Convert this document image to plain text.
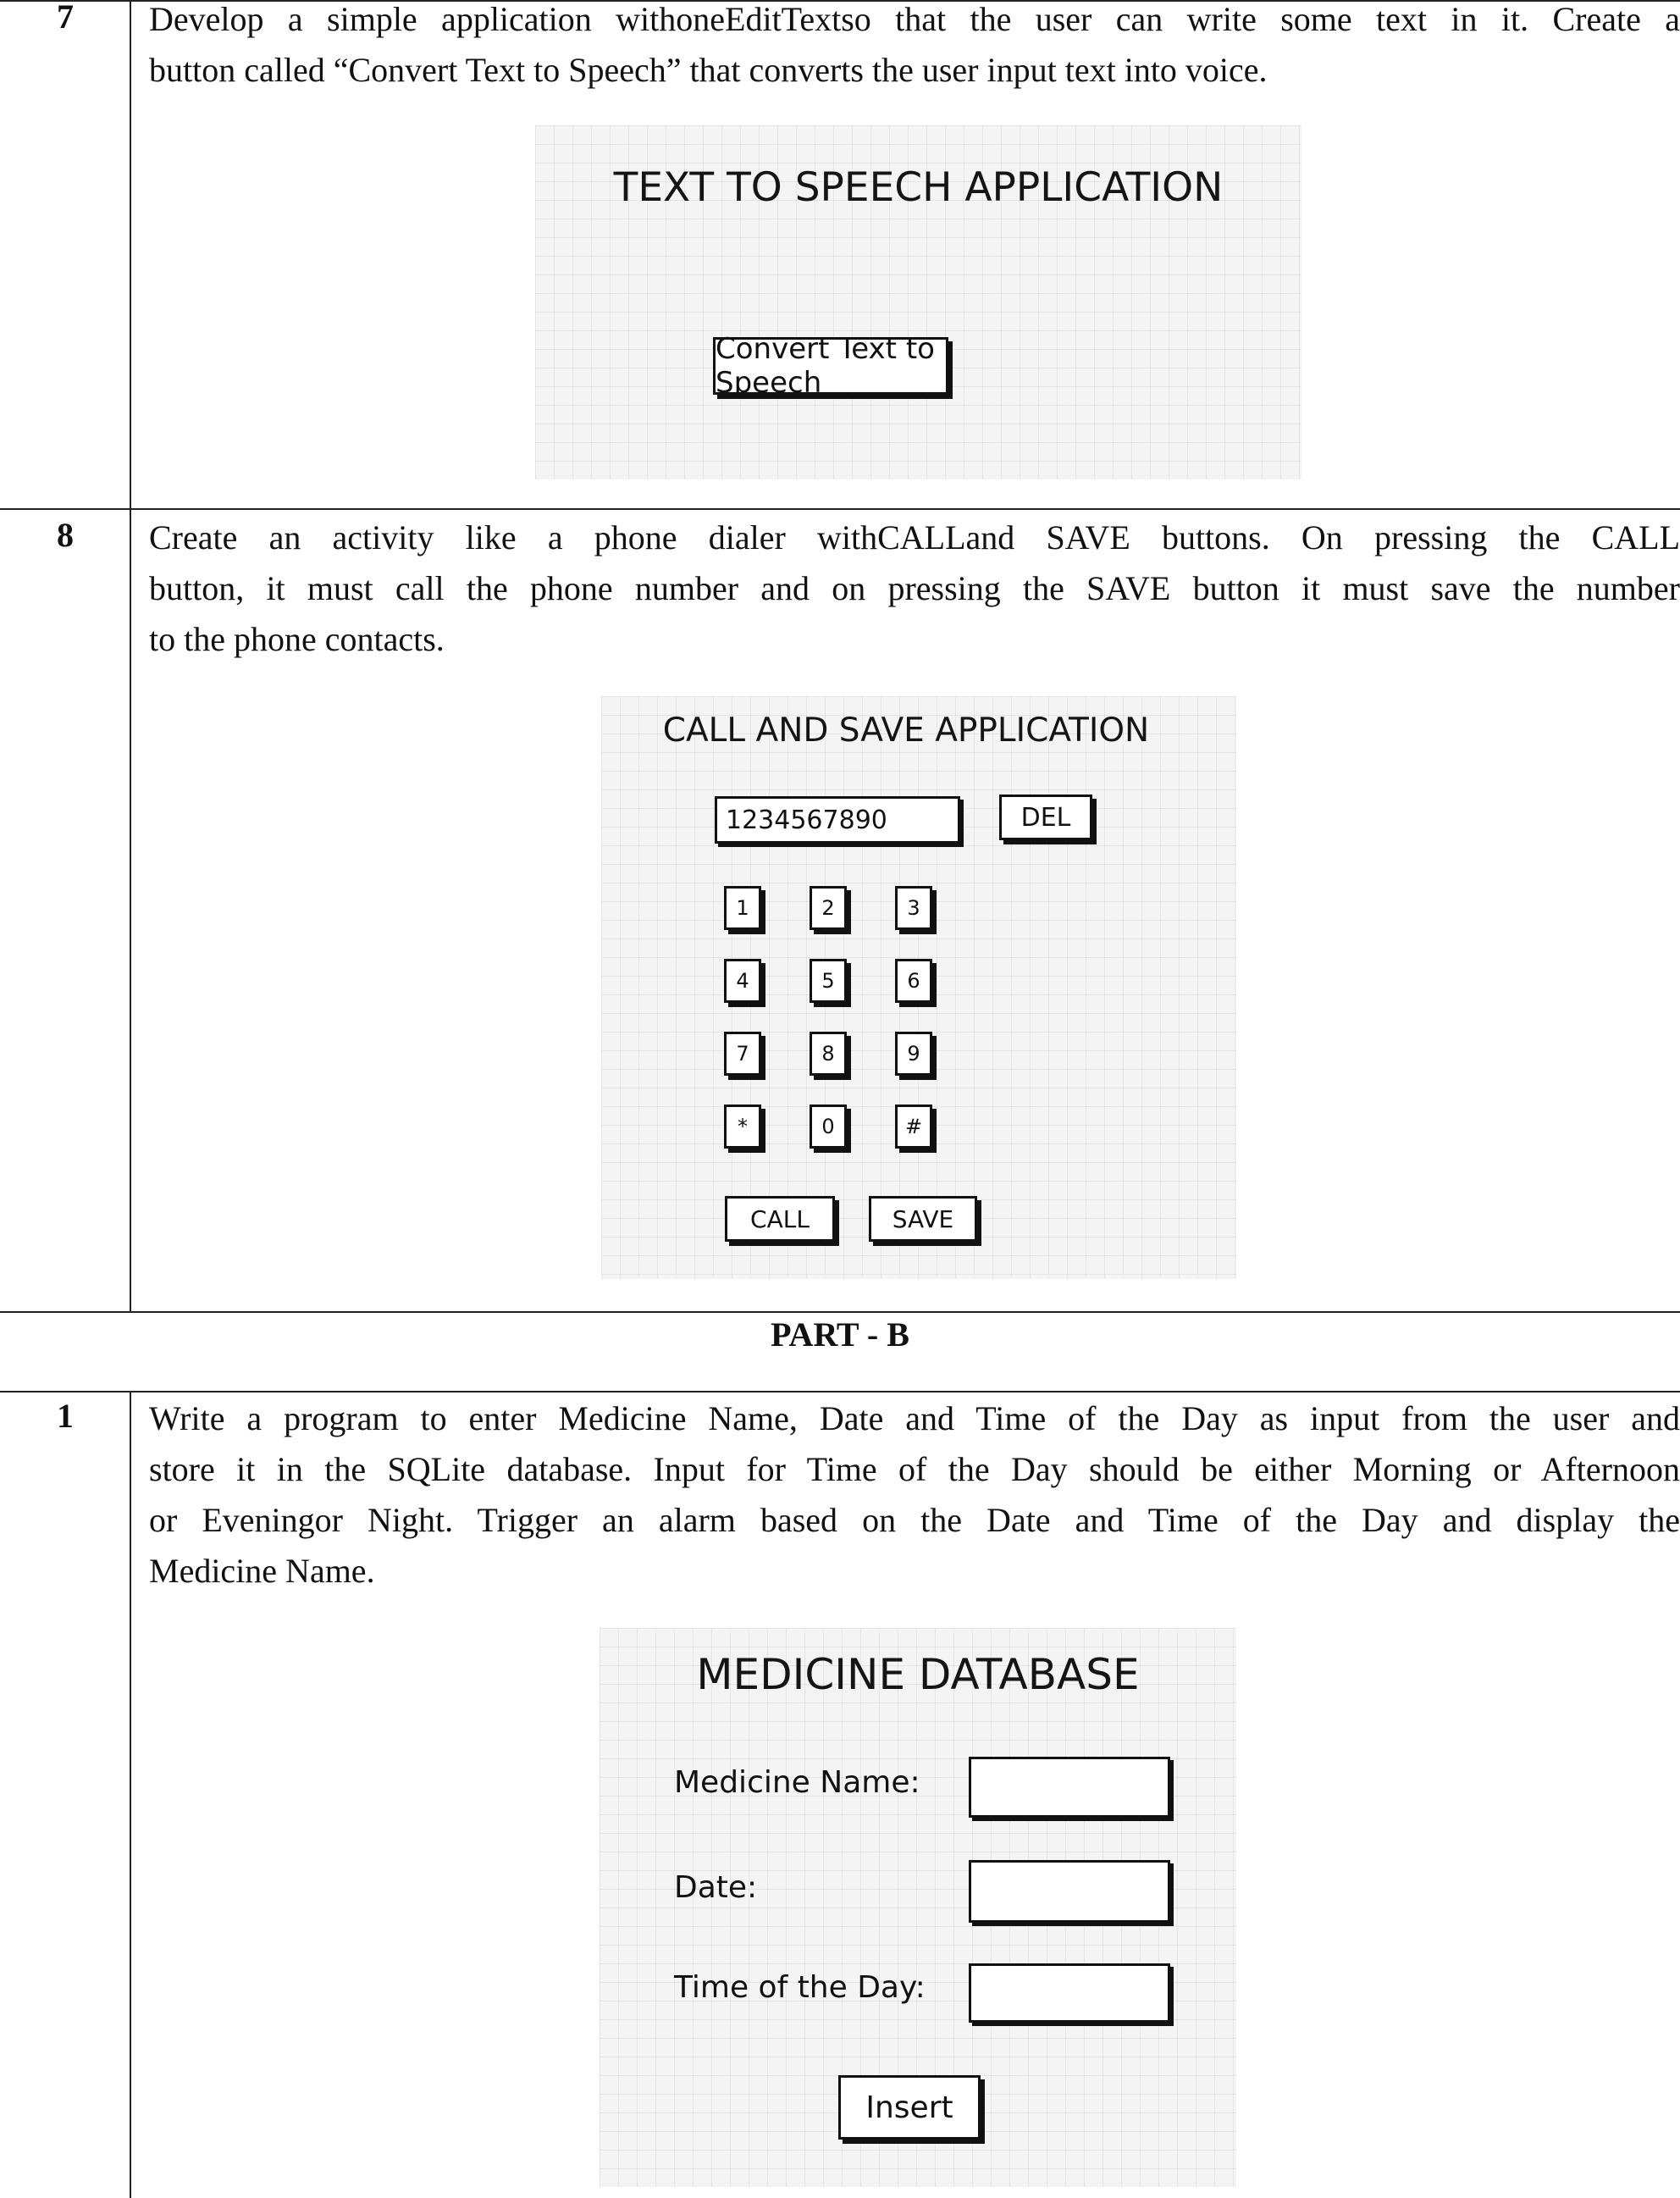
7	Develop a simple application withoneEditTextso that the user can write some text in it. Create a
button called “Convert Text to Speech” that converts the user input text into voice.
TEXT TO SPEECH APPLICATION
Convert Text to Speech
8	Create an activity like a phone dialer withCALLand SAVE buttons. On pressing the CALL
button, it must call the phone number and on pressing the SAVE button it must save the number
to the phone contacts.
CALL AND SAVE APPLICATION
1234567890	DEL
1	2	3
4	5	6
7	8	9
*	0	#
CALL	SAVE
PART - B
1	Write a program to enter Medicine Name, Date and Time of the Day as input from the user and
store it in the SQLite database. Input for Time of the Day should be either Morning or Afternoon
or Eveningor Night. Trigger an alarm based on the Date and Time of the Day and display the
Medicine Name.
MEDICINE DATABASE
Medicine Name:
Date:
Time of the Day:
Insert
